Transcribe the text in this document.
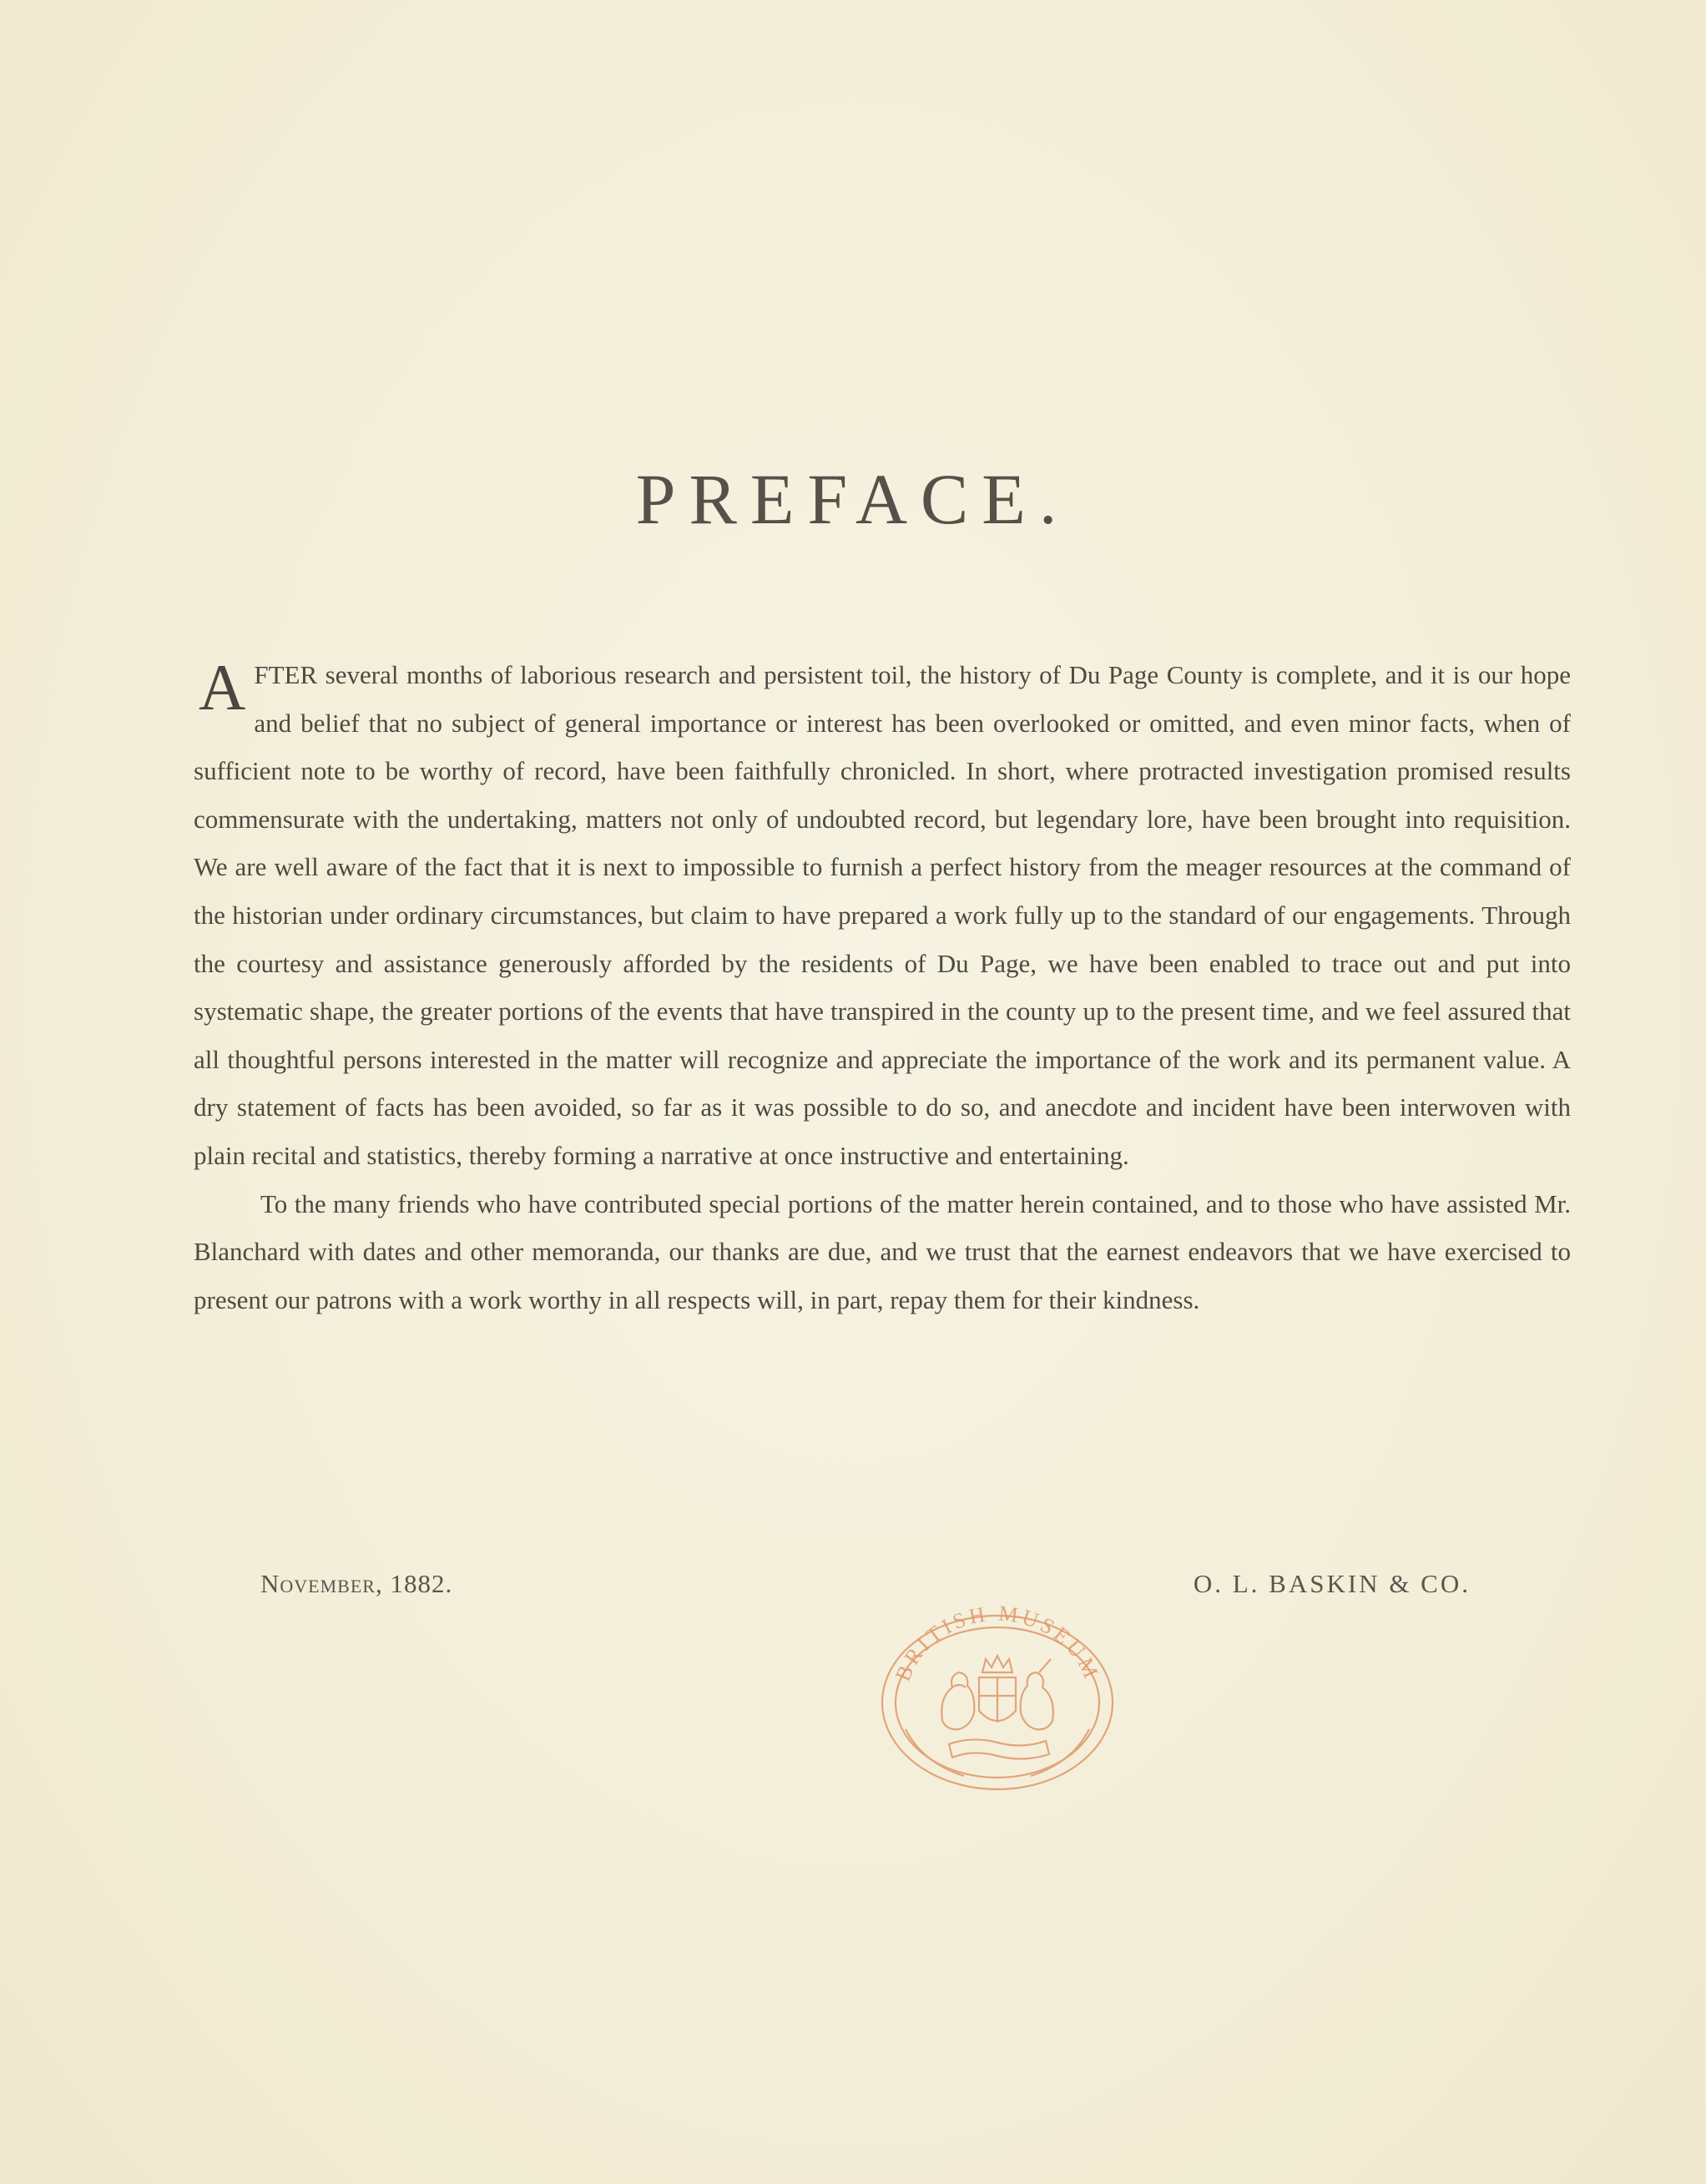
PREFACE.

AFTER several months of laborious research and persistent toil, the history of Du Page County is complete, and it is our hope and belief that no subject of general importance or interest has been overlooked or omitted, and even minor facts, when of sufficient note to be worthy of record, have been faithfully chronicled. In short, where protracted investigation promised results commensurate with the undertaking, matters not only of undoubted record, but legendary lore, have been brought into requisition. We are well aware of the fact that it is next to impossible to furnish a perfect history from the meager resources at the command of the historian under ordinary circumstances, but claim to have prepared a work fully up to the standard of our engagements. Through the courtesy and assistance generously afforded by the residents of Du Page, we have been enabled to trace out and put into systematic shape, the greater portions of the events that have transpired in the county up to the present time, and we feel assured that all thoughtful persons interested in the matter will recognize and appreciate the importance of the work and its permanent value. A dry statement of facts has been avoided, so far as it was possible to do so, and anecdote and incident have been interwoven with plain recital and statistics, thereby forming a narrative at once instructive and entertaining.

To the many friends who have contributed special portions of the matter herein contained, and to those who have assisted Mr. Blanchard with dates and other memoranda, our thanks are due, and we trust that the earnest endeavors that we have exercised to present our patrons with a work worthy in all respects will, in part, repay them for their kindness.

November, 1882.	O. L. BASKIN & CO.
BRITISH MUSEUM
